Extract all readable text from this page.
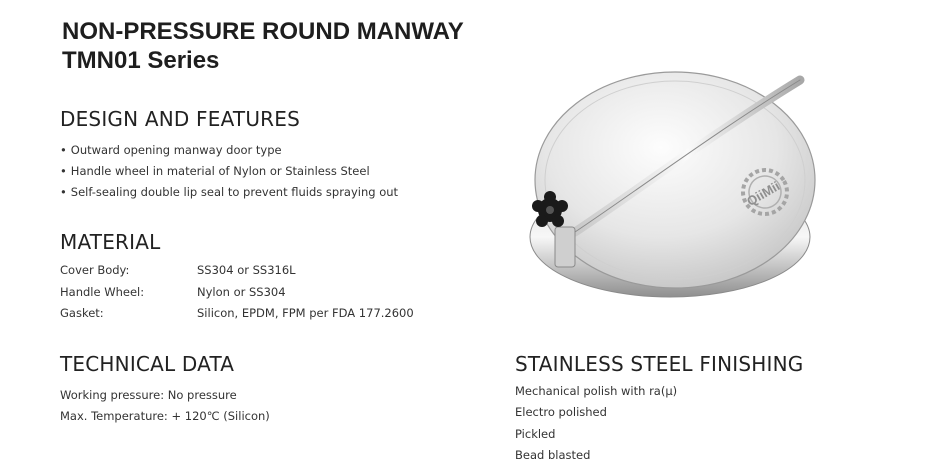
NON-PRESSURE ROUND MANWAY
TMN01 Series
DESIGN AND FEATURES
• Outward opening manway door type
• Handle wheel in material of Nylon or Stainless Steel
• Self-sealing double lip seal to prevent fluids spraying out
MATERIAL
Cover Body:	SS304 or SS316L
Handle Wheel:	Nylon or SS304
Gasket:	Silicon, EPDM, FPM per FDA 177.2600
TECHNICAL DATA
Working pressure: No pressure
Max. Temperature: + 120℃ (Silicon)
STAINLESS STEEL FINISHING
Mechanical polish with ra(μ)
Electro polished
Pickled
Bead blasted
QiiMii
